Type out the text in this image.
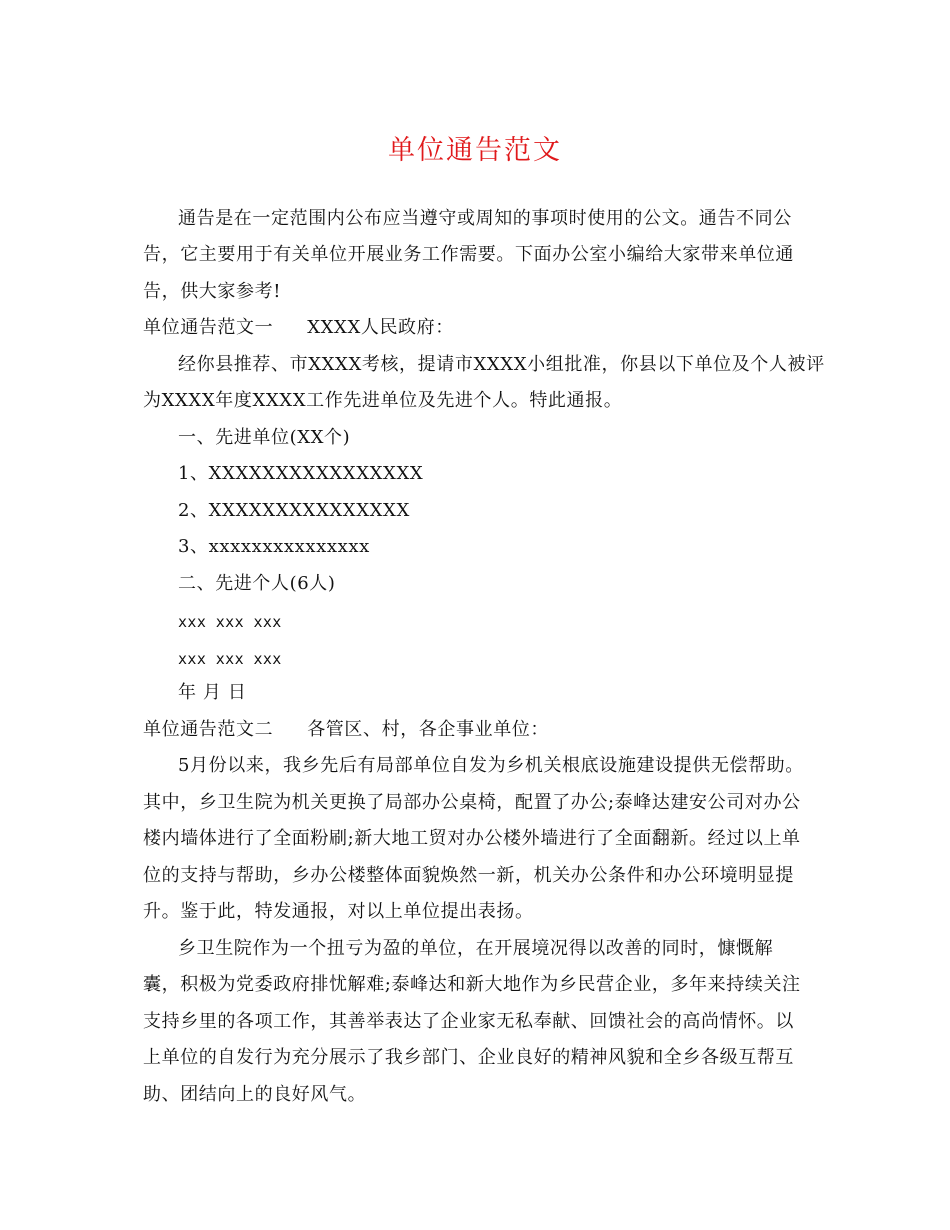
单位通告范文
通告是在一定范围内公布应当遵守或周知的事项时使用的公文。通告不同公
告，它主要用于有关单位开展业务工作需要。下面办公室小编给大家带来单位通
告，供大家参考!
单位通告范文一 XXXX人民政府：
经你县推荐、市XXXX考核，提请市XXXX小组批准，你县以下单位及个人被评
为XXXX年度XXXX工作先进单位及先进个人。特此通报。
一、先进单位(XX个)
1、XXXXXXXXXXXXXXXX
2、XXXXXXXXXXXXXXX
3、xxxxxxxxxxxxxxx
二、先进个人(6人)
xxx xxx xxx
xxx xxx xxx
年 月 日
单位通告范文二 各管区、村，各企事业单位：
5月份以来，我乡先后有局部单位自发为乡机关根底设施建设提供无偿帮助。
其中，乡卫生院为机关更换了局部办公桌椅，配置了办公;泰峰达建安公司对办公
楼内墙体进行了全面粉刷;新大地工贸对办公楼外墙进行了全面翻新。经过以上单
位的支持与帮助，乡办公楼整体面貌焕然一新，机关办公条件和办公环境明显提
升。鉴于此，特发通报，对以上单位提出表扬。
乡卫生院作为一个扭亏为盈的单位，在开展境况得以改善的同时，慷慨解
囊，积极为党委政府排忧解难;泰峰达和新大地作为乡民营企业，多年来持续关注
支持乡里的各项工作，其善举表达了企业家无私奉献、回馈社会的高尚情怀。以
上单位的自发行为充分展示了我乡部门、企业良好的精神风貌和全乡各级互帮互
助、团结向上的良好风气。
